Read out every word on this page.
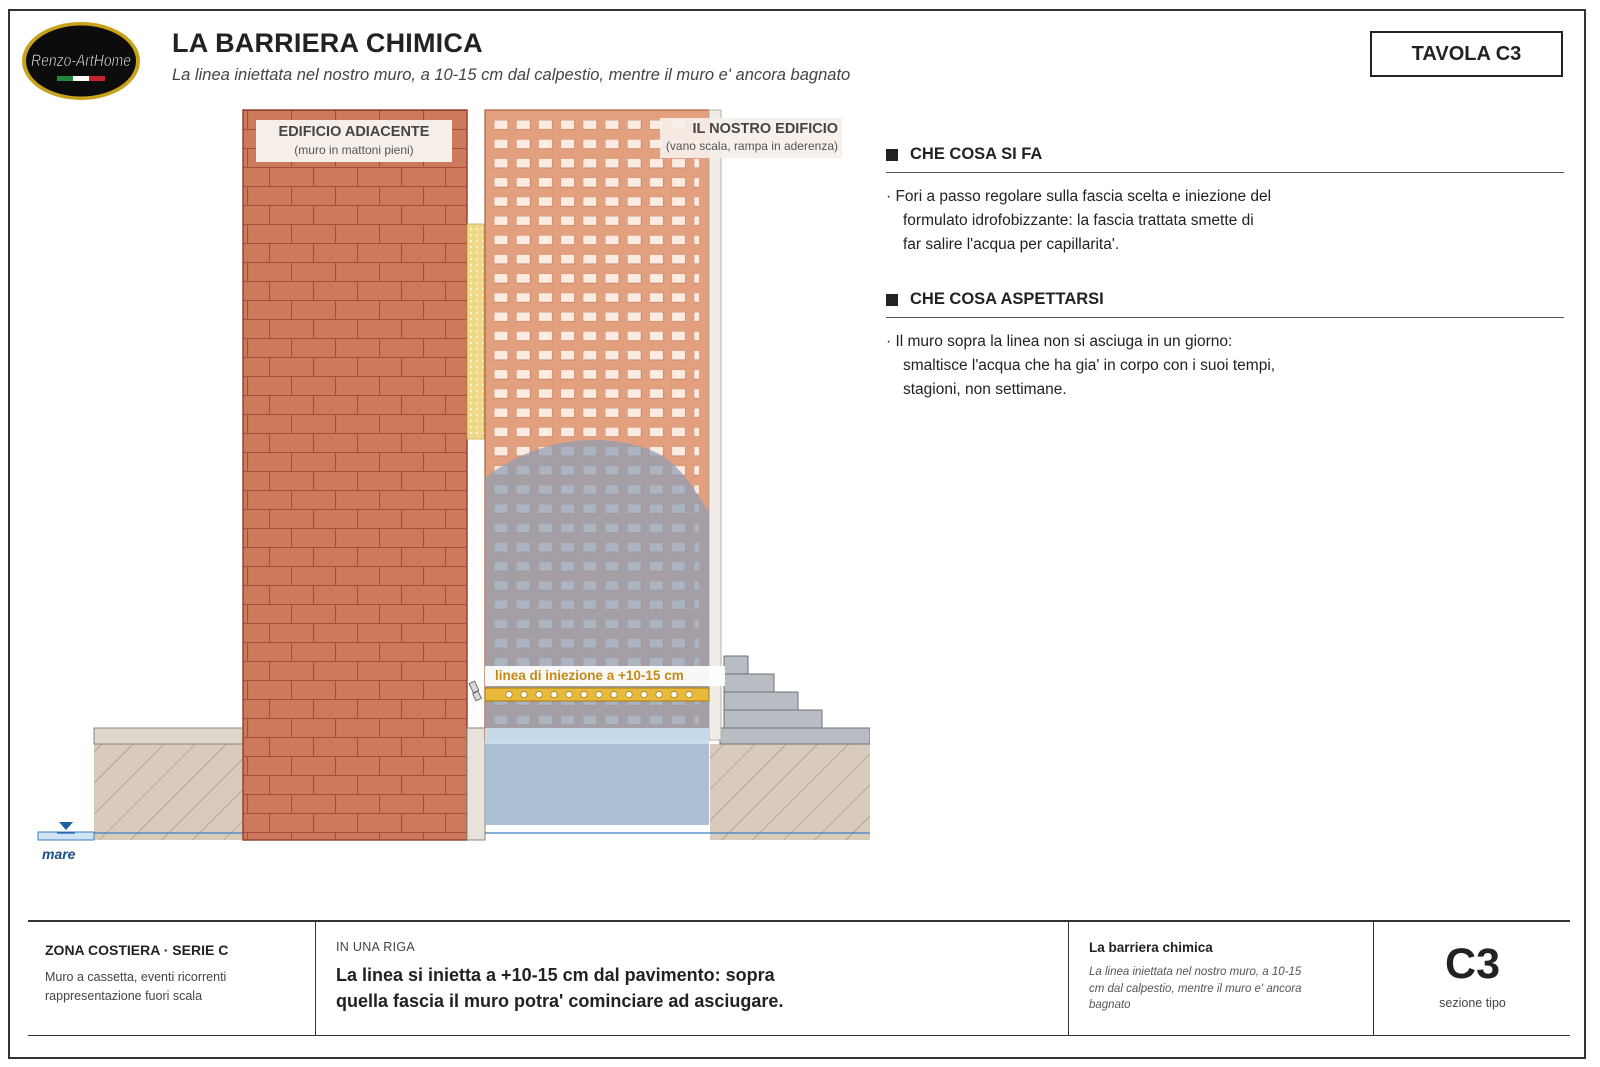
Renzo-ArtHome
LA BARRIERA CHIMICA
La linea iniettata nel nostro muro, a 10-15 cm dal calpestio, mentre il muro e' ancora bagnato
TAVOLA C3
mare
EDIFICIO ADIACENTE
(muro in mattoni pieni)
IL NOSTRO EDIFICIO
(vano scala, rampa in aderenza)
linea di iniezione a +10-15 cm
CHE COSA SI FA
· Fori a passo regolare sulla fascia scelta e iniezione del
formulato idrofobizzante: la fascia trattata smette di
far salire l'acqua per capillarita'.
CHE COSA ASPETTARSI
· Il muro sopra la linea non si asciuga in un giorno:
smaltisce l'acqua che ha gia' in corpo con i suoi tempi,
stagioni, non settimane.
ZONA COSTIERA · SERIE C
Muro a cassetta, eventi ricorrenti
rappresentazione fuori scala
IN UNA RIGA
La linea si inietta a +10-15 cm dal pavimento: sopra
quella fascia il muro potra' cominciare ad asciugare.
La barriera chimica
La linea iniettata nel nostro muro, a 10-15
cm dal calpestio, mentre il muro e' ancora
bagnato
C3
sezione tipo
